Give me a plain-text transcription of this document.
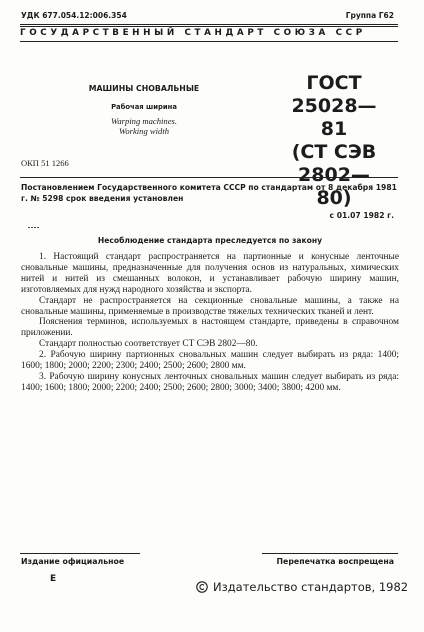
УДК 677.054.12:006.354	Группа Г62
ГОСУДАРСТВЕННЫЙ СТАНДАРТ СОЮЗА ССР
МАШИНЫ СНОВАЛЬНЫЕ
Рабочая ширина
Warping machines.
Working width
ГОСТ
25028—81
(СТ СЭВ
2802—80)
ОКП 51 1266
Постановлением Государственного комитета СССР по стандартам от 8 декабря 1981 г. № 5298 срок введения установлен
с 01.07 1982 г.
Несоблюдение стандарта преследуется по закону

1. Настоящий стандарт распространяется на партионные и конусные ленточные сновальные машины, предназначенные для получения основ из натуральных, химических нитей и нитей из смешанных волокон, и устанавливает рабочую ширину машин, изготовляемых для нужд народного хозяйства и экспорта.

Стандарт не распространяется на секционные сновальные машины, а также на сновальные машины, применяемые в производстве тяжелых технических тканей и лент.

Пояснения терминов, используемых в настоящем стандарте, приведены в справочном приложении.

Стандарт полностью соответствует СТ СЭВ 2802—80.

2. Рабочую ширину партионных сновальных машин следует выбирать из ряда: 1400; 1600; 1800; 2000; 2200; 2300; 2400; 2500; 2600; 2800 мм.

3. Рабочую ширину конусных ленточных сновальных машин следует выбирать из ряда: 1400; 1600; 1800; 2000; 2200; 2400; 2500; 2600; 2800; 3000; 3400; 3800; 4200 мм.

Издание официальное
Е
Перепечатка воспрещена
Издательство стандартов, 1982
